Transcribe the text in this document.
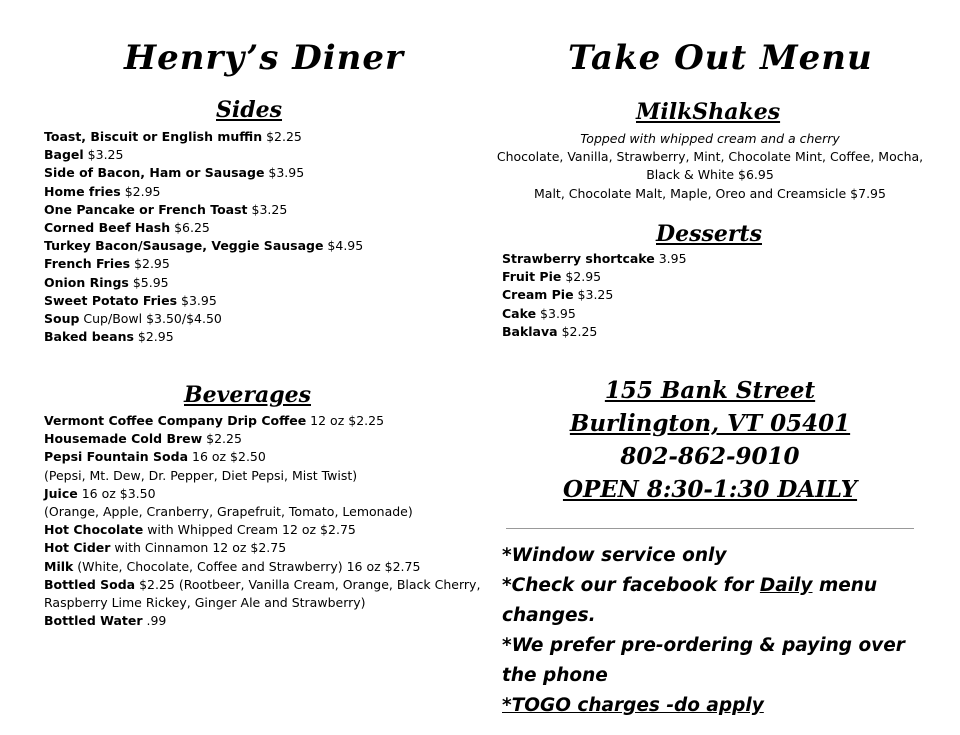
Henry’s Diner
Sides
Toast, Biscuit or English muffin $2.25
Bagel $3.25
Side of Bacon, Ham or Sausage $3.95
Home fries $2.95
One Pancake or French Toast $3.25
Corned Beef Hash $6.25
Turkey Bacon/Sausage, Veggie Sausage $4.95
French Fries $2.95
Onion Rings $5.95
Sweet Potato Fries $3.95
Soup Cup/Bowl $3.50/$4.50
Baked beans $2.95
Beverages
Vermont Coffee Company Drip Coffee 12 oz $2.25
Housemade Cold Brew $2.25
Pepsi Fountain Soda 16 oz $2.50
(Pepsi, Mt. Dew, Dr. Pepper, Diet Pepsi, Mist Twist)
Juice 16 oz $3.50
(Orange, Apple, Cranberry, Grapefruit, Tomato, Lemonade)
Hot Chocolate with Whipped Cream 12 oz $2.75
Hot Cider with Cinnamon 12 oz $2.75
Milk (White, Chocolate, Coffee and Strawberry) 16 oz $2.75
Bottled Soda $2.25 (Rootbeer, Vanilla Cream, Orange, Black Cherry,
Raspberry Lime Rickey, Ginger Ale and Strawberry)
Bottled Water .99
Take Out Menu
MilkShakes
Topped with whipped cream and a cherry
Chocolate, Vanilla, Strawberry, Mint, Chocolate Mint, Coffee, Mocha,
Black & White $6.95
Malt, Chocolate Malt, Maple, Oreo and Creamsicle $7.95
Desserts
Strawberry shortcake 3.95
Fruit Pie $2.95
Cream Pie $3.25
Cake $3.95
Baklava $2.25
155 Bank Street
Burlington, VT 05401
802-862-9010
OPEN 8:30-1:30 DAILY
*Window service only
*Check our facebook for Daily menu changes.
*We prefer pre-ordering & paying over the phone
*TOGO charges -do apply
